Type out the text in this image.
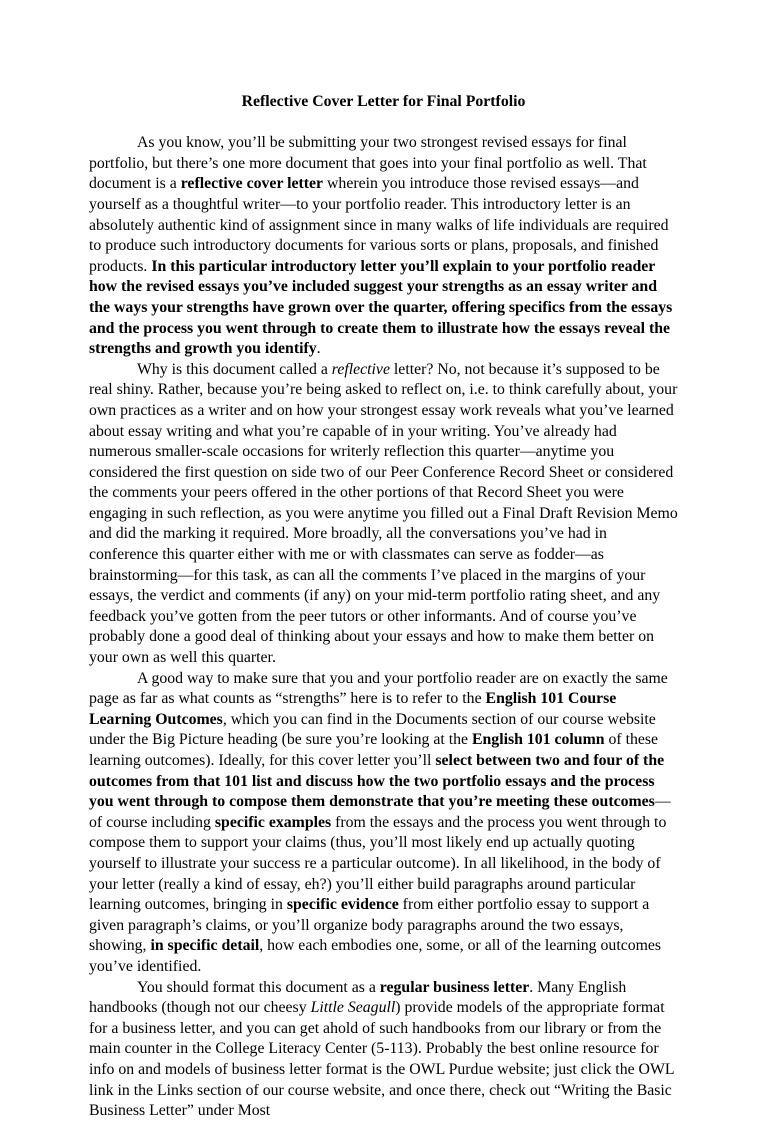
Reflective Cover Letter for Final Portfolio

As you know, you’ll be submitting your two strongest revised essays for final portfolio, but there’s one more document that goes into your final portfolio as well. That document is a reflective cover letter wherein you introduce those revised essays—and yourself as a thoughtful writer—to your portfolio reader. This introductory letter is an absolutely authentic kind of assignment since in many walks of life individuals are required to produce such introductory documents for various sorts or plans, proposals, and finished products. In this particular introductory letter you’ll explain to your portfolio reader how the revised essays you’ve included suggest your strengths as an essay writer and the ways your strengths have grown over the quarter, offering specifics from the essays and the process you went through to create them to illustrate how the essays reveal the strengths and growth you identify.

Why is this document called a reflective letter? No, not because it’s supposed to be real shiny. Rather, because you’re being asked to reflect on, i.e. to think carefully about, your own practices as a writer and on how your strongest essay work reveals what you’ve learned about essay writing and what you’re capable of in your writing. You’ve already had numerous smaller-scale occasions for writerly reflection this quarter—anytime you considered the first question on side two of our Peer Conference Record Sheet or considered the comments your peers offered in the other portions of that Record Sheet you were engaging in such reflection, as you were anytime you filled out a Final Draft Revision Memo and did the marking it required. More broadly, all the conversations you’ve had in conference this quarter either with me or with classmates can serve as fodder—as brainstorming—for this task, as can all the comments I’ve placed in the margins of your essays, the verdict and comments (if any) on your mid-term portfolio rating sheet, and any feedback you’ve gotten from the peer tutors or other informants. And of course you’ve probably done a good deal of thinking about your essays and how to make them better on your own as well this quarter.

A good way to make sure that you and your portfolio reader are on exactly the same page as far as what counts as “strengths” here is to refer to the English 101 Course Learning Outcomes, which you can find in the Documents section of our course website under the Big Picture heading (be sure you’re looking at the English 101 column of these learning outcomes). Ideally, for this cover letter you’ll select between two and four of the outcomes from that 101 list and discuss how the two portfolio essays and the process you went through to compose them demonstrate that you’re meeting these outcomes—of course including specific examples from the essays and the process you went through to compose them to support your claims (thus, you’ll most likely end up actually quoting yourself to illustrate your success re a particular outcome). In all likelihood, in the body of your letter (really a kind of essay, eh?) you’ll either build paragraphs around particular learning outcomes, bringing in specific evidence from either portfolio essay to support a given paragraph’s claims, or you’ll organize body paragraphs around the two essays, showing, in specific detail, how each embodies one, some, or all of the learning outcomes you’ve identified.

You should format this document as a regular business letter. Many English handbooks (though not our cheesy Little Seagull) provide models of the appropriate format for a business letter, and you can get ahold of such handbooks from our library or from the main counter in the College Literacy Center (5-113). Probably the best online resource for info on and models of business letter format is the OWL Purdue website; just click the OWL link in the Links section of our course website, and once there, check out “Writing the Basic Business Letter” under Most
